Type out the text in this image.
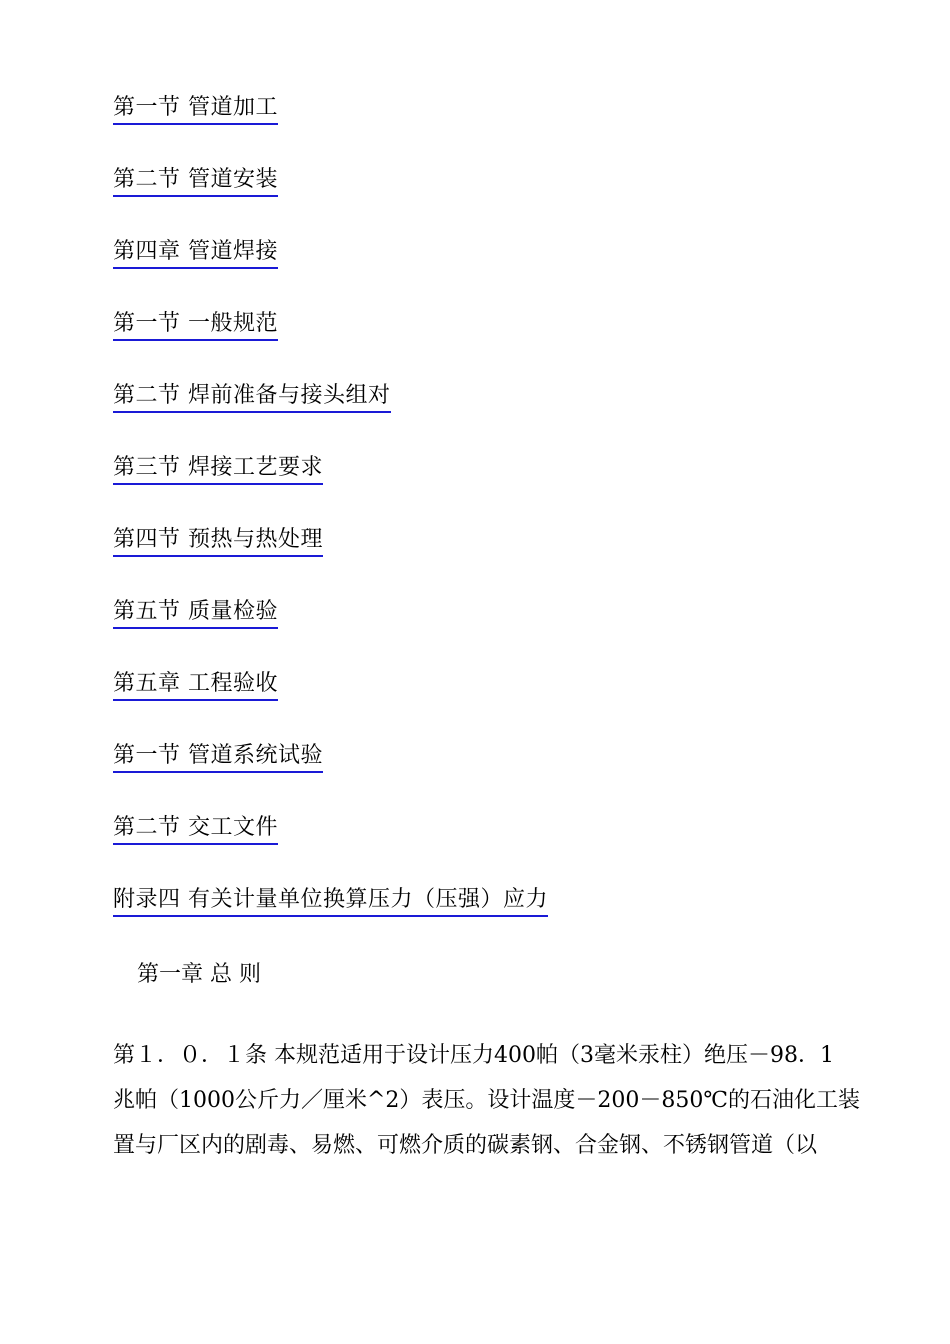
第一节 管道加工
第二节 管道安装
第四章 管道焊接
第一节 一般规范
第二节 焊前准备与接头组对
第三节 焊接工艺要求
第四节 预热与热处理
第五节 质量检验
第五章 工程验收
第一节 管道系统试验
第二节 交工文件
附录四 有关计量单位换算压力（压强）应力
第一章 总 则
第１．０．１条 本规范适用于设计压力400帕（3毫米汞柱）绝压－98．1
兆帕（1000公斤力／厘米^2）表压。设计温度－200－850℃的石油化工装
置与厂区内的剧毒、易燃、可燃介质的碳素钢、合金钢、不锈钢管道（以
